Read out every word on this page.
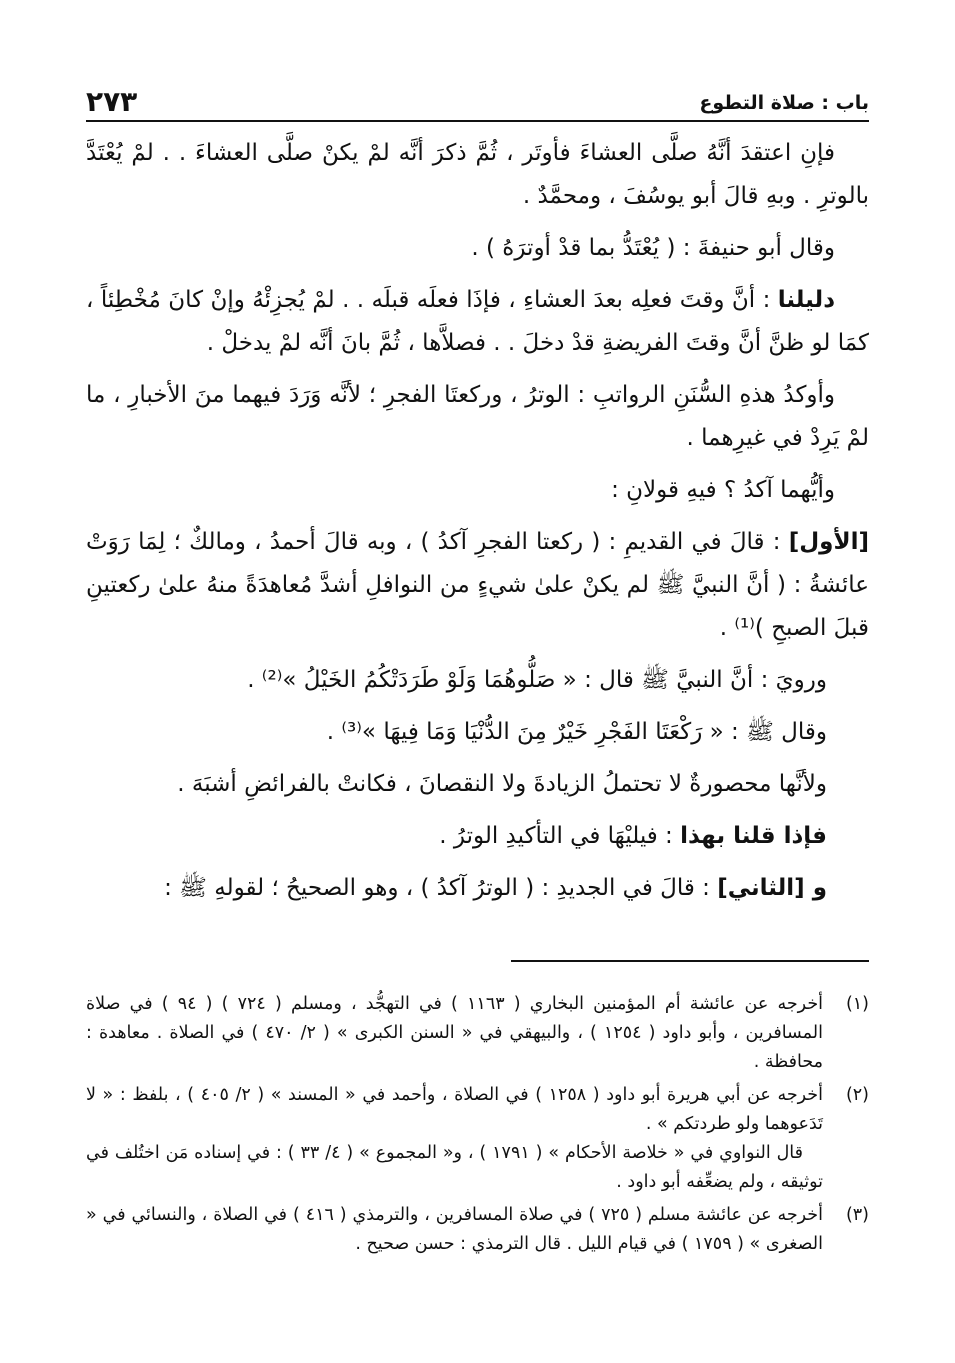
باب : صلاة التطوع
٢٧٣

فإنِ اعتقدَ أنَّهُ صلَّى العشاءَ فأوتَر ، ثُمَّ ذكرَ أنَّه لمْ يكنْ صلَّى العشاءَ . . لمْ يُعْتَدَّ بالوترِ . وبهِ قالَ أبو يوسُفَ ، ومحمَّدٌ .

وقال أبو حنيفةَ : ( يُعْتَدُّ بما قدْ أوترَهُ ) .

دليلنا : أنَّ وقتَ فعلِه بعدَ العشاءِ ، فإذَا فعلَه قبلَه . . لمْ يُجزِئْهُ وإنْ كانَ مُخْطِئاً ، كمَا لو ظنَّ أنَّ وقتَ الفريضةِ قدْ دخلَ . . فصلاَّها ، ثُمَّ بانَ أنَّه لمْ يدخلْ .

وأوكدُ هذهِ السُّنَنِ الرواتبِ : الوترُ ، وركعتَا الفجرِ ؛ لأنَّه وَرَدَ فيهما منَ الأخبارِ ، ما لمْ يَرِدْ في غيرِهما .

وأيُّهما آكدُ ؟ فيهِ قولانِ :

[الأول] : قالَ في القديمِ : ( ركعتا الفجرِ آكدُ ) ، وبه قالَ أحمدُ ، ومالكٌ ؛ لِمَا رَوَتْ عائشةُ : ( أنَّ النبيَّ ﷺ لم يكنْ علىٰ شيءٍ من النوافلِ أشدَّ مُعاهدَةً منهُ علىٰ ركعتينِ قبلَ الصبحِ )⁽¹⁾ .

ورويَ : أنَّ النبيَّ ﷺ قال : « صَلُّوهُمَا وَلَوْ طَرَدَتْكُمُ الخَيْلُ »⁽²⁾ .

وقال ﷺ : « رَكْعَتَا الفَجْرِ خَيْرٌ مِنَ الدُّنْيَا وَمَا فِيهَا »⁽³⁾ .

ولأنَّها محصورةٌ لا تحتملُ الزيادةَ ولا النقصانَ ، فكانتْ بالفرائضِ أشبَهَ .

فإذا قلنا بهذا : فيليْهَا في التأكيدِ الوترُ .

و [الثاني] : قالَ في الجديدِ : ( الوترُ آكدُ ) ، وهو الصحيحُ ؛ لقولهِ ﷺ :

(١)
أخرجه عن عائشة أم المؤمنين البخاري ( ١١٦٣ ) في التهجُّد ، ومسلم ( ٧٢٤ ) ( ٩٤ ) في صلاة المسافرين ، وأبو داود ( ١٢٥٤ ) ، والبيهقي في « السنن الكبرى » ( ٢/ ٤٧٠ ) في الصلاة . معاهدة : محافظة .
(٢)
أخرجه عن أبي هريرة أبو داود ( ١٢٥٨ ) في الصلاة ، وأحمد في « المسند » ( ٢/ ٤٠٥ ) ، بلفظ : « لا تَدَعوهما ولو طردتكم » .
قال النواوي في « خلاصة الأحكام » ( ١٧٩١ ) ، و« المجموع » ( ٤/ ٣٣ ) : في إسناده مَن اختُلف في توثيقه ، ولم يضعِّفه أبو داود .
(٣)
أخرجه عن عائشة مسلم ( ٧٢٥ ) في صلاة المسافرين ، والترمذي ( ٤١٦ ) في الصلاة ، والنسائي في « الصغرى » ( ١٧٥٩ ) في قيام الليل . قال الترمذي : حسن صحيح .
